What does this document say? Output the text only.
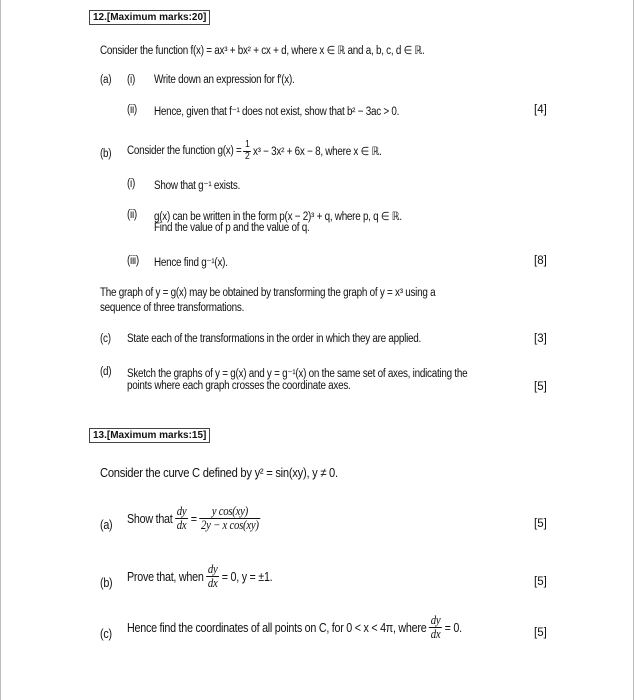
12.[Maximum marks:20]
Consider the function f(x) = ax³ + bx² + cx + d, where x ∈ ℝ and a, b, c, d ∈ ℝ.
(a) (i) Write down an expression for f′(x).
(ii) Hence, given that f⁻¹ does not exist, show that b² − 3ac > 0.	[4]
(b) Consider the function $g(x) = \frac{1}{2} x^3 - 3x^2 + 6x - 8$, where x ∈ ℝ.
(i) Show that g⁻¹ exists.
(ii) g(x) can be written in the form p(x − 2)³ + q, where p, q ∈ ℝ.
Find the value of p and the value of q.
(iii) Hence find g⁻¹(x).	[8]
The graph of y = g(x) may be obtained by transforming the graph of y = x³ using a
sequence of three transformations.
(c) State each of the transformations in the order in which they are applied.	[3]
(d) Sketch the graphs of y = g(x) and y = g⁻¹(x) on the same set of axes, indicating the
points where each graph crosses the coordinate axes.	[5]
13.[Maximum marks:15]
Consider the curve C defined by y² = sin(xy), y ≠ 0.
(a) Show that $\frac{dy}{dx} = \frac{\text{y cos(xy)}}{\text{2y − x cos(xy)}}$	[5]
(b) Prove that, when $\frac{dy}{dx} = 0$, y = ±1.	[5]
(c) Hence find the coordinates of all points on C, for 0 < x < 4π, where $\frac{dy}{dx} = 0$.	[5]
